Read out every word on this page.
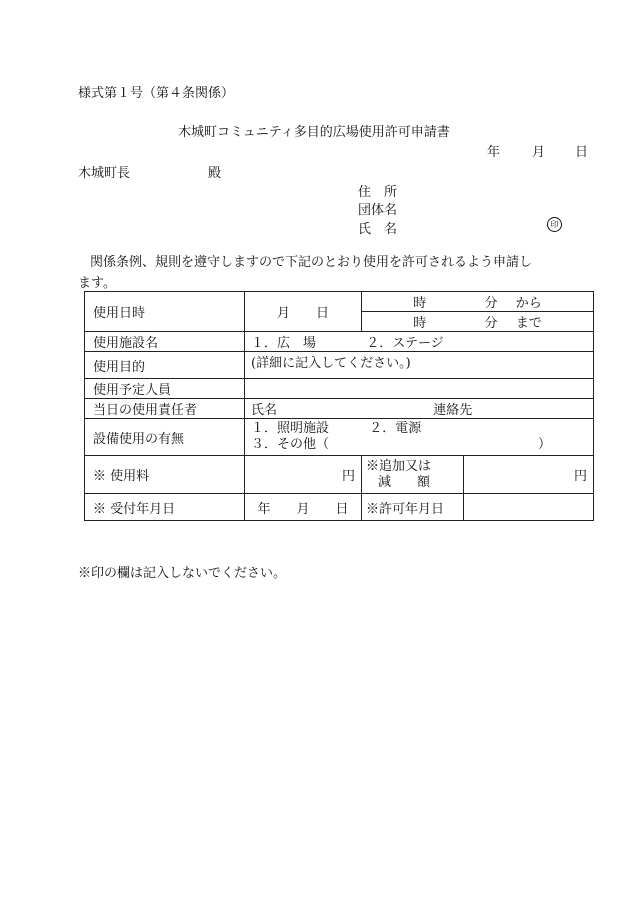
様式第１号（第４条関係）
木城町コミュニティ多目的広場使用許可申請書
年 月 日
木城町長	殿
住　所
団体名
氏　名	印
関係条例、規則を遵守しますので下記のとおり使用を許可されるよう申請し
ます。
使用日時	月　　日	時 分 から	
		時 分 まで	
使用施設名	１．広　場 ２．ステージ		
使用目的	(詳細に記入してください。)		
使用予定人員			
当日の使用責任者	氏名 連絡先		
設備使用の有無	１．照明施設 ２．電源
３．その他（ ）		

※ 使用料	円	※追加又は
減　　額	円
※ 受付年月日	年　　月　　日	※許可年月日	
※印の欄は記入しないでください。
